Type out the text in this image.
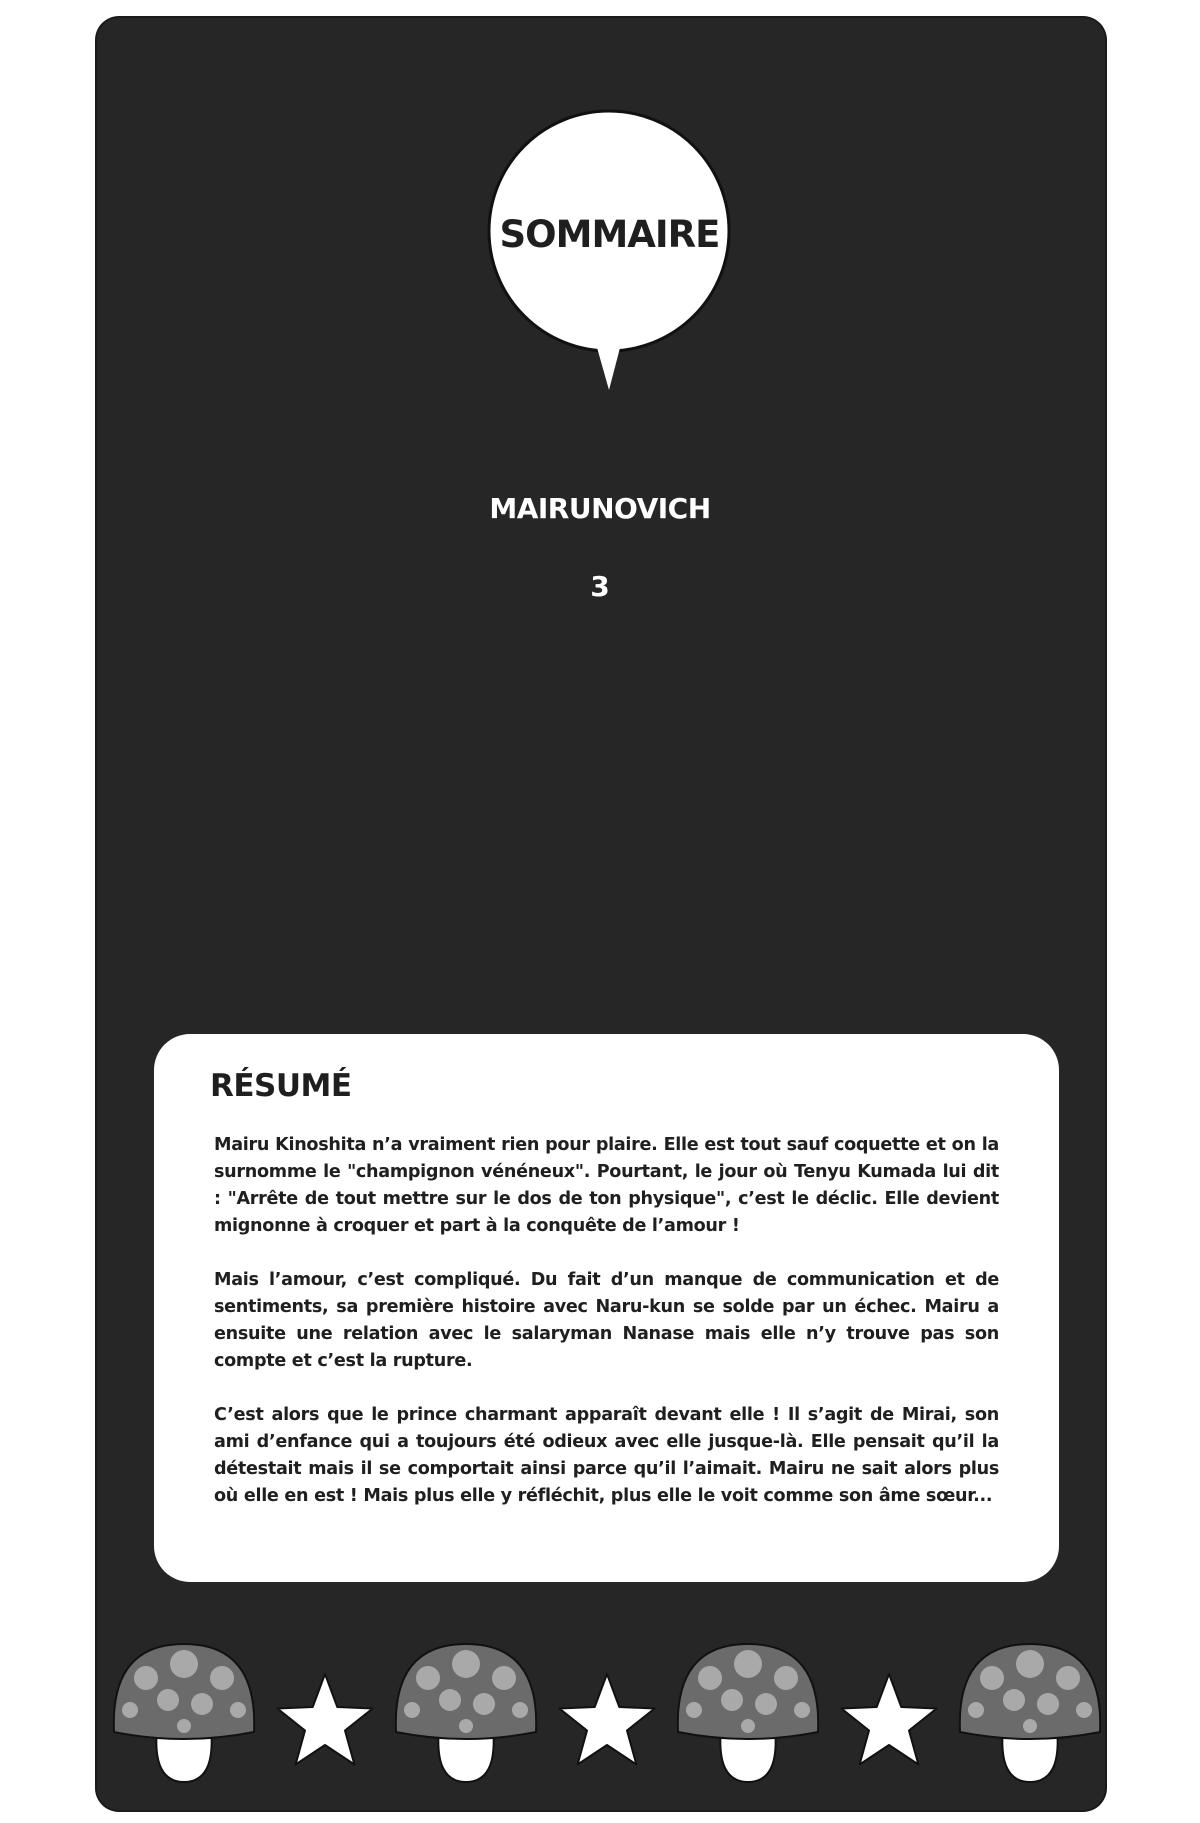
SOMMAIRE
MAIRUNOVICH
3
RÉSUMÉ

Mairu Kinoshita n’a vraiment rien pour plaire. Elle est tout sauf coquette et on la surnomme le "champignon vénéneux". Pourtant, le jour où Tenyu Kumada lui dit : "Arrête de tout mettre sur le dos de ton physique", c’est le déclic. Elle devient mignonne à croquer et part à la conquête de l’amour !

Mais l’amour, c’est compliqué. Du fait d’un manque de communication et de sentiments, sa première histoire avec Naru-kun se solde par un échec. Mairu a ensuite une relation avec le salaryman Nanase mais elle n’y trouve pas son compte et c’est la rupture.

C’est alors que le prince charmant apparaît devant elle ! Il s’agit de Mirai, son ami d’enfance qui a toujours été odieux avec elle jusque-là. Elle pensait qu’il la détestait mais il se comportait ainsi parce qu’il l’aimait. Mairu ne sait alors plus où elle en est ! Mais plus elle y réfléchit, plus elle le voit comme son âme sœur...
